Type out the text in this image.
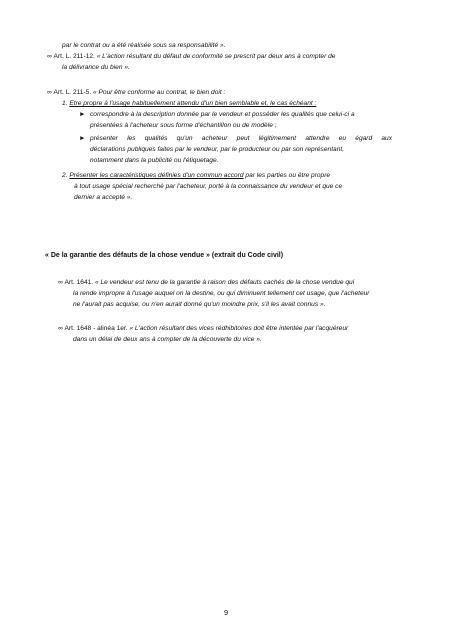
par le contrat ou a été réalisée sous sa responsabilité ».
∞ Art. L. 211-12. « L'action résultant du défaut de conformité se prescrit par deux ans à compter de
la délivrance du bien ».
∞ Art. L. 211-5. « Pour être conforme au contrat, le bien doit :
1. Etre propre à l'usage habituellement attendu d'un bien semblable et, le cas échéant :
► correspondre à la description donnée par le vendeur et posséder les qualités que celui-ci a
présentées à l'acheteur sous forme d'échantillon ou de modèle ;
► présenter les qualités qu'un acheteur peut légitimement attendre eu égard aux
déclarations publiques faites par le vendeur, par le producteur ou par son représentant,
notamment dans la publicité ou l'étiquetage.
2. Présenter les caractéristiques définies d'un commun accord par les parties ou être propre
à tout usage spécial recherché par l'acheteur, porté à la connaissance du vendeur et que ce
dernier a accepté ».
« De la garantie des défauts de la chose vendue » (extrait du Code civil)
∞ Art. 1641. « Le vendeur est tenu de la garantie à raison des défauts cachés de la chose vendue qui
la rende impropre à l'usage auquel on la destine, ou qui diminuent tellement cet usage, que l'acheteur
ne l'aurait pas acquise, ou n'en aurait donné qu'un moindre prix, s'il les avait connus ».
∞ Art. 1648 - alinéa 1er. « L'action résultant des vices rédhibitoires doit être intentée par l'acquéreur
dans un délai de deux ans à compter de la découverte du vice ».
9
